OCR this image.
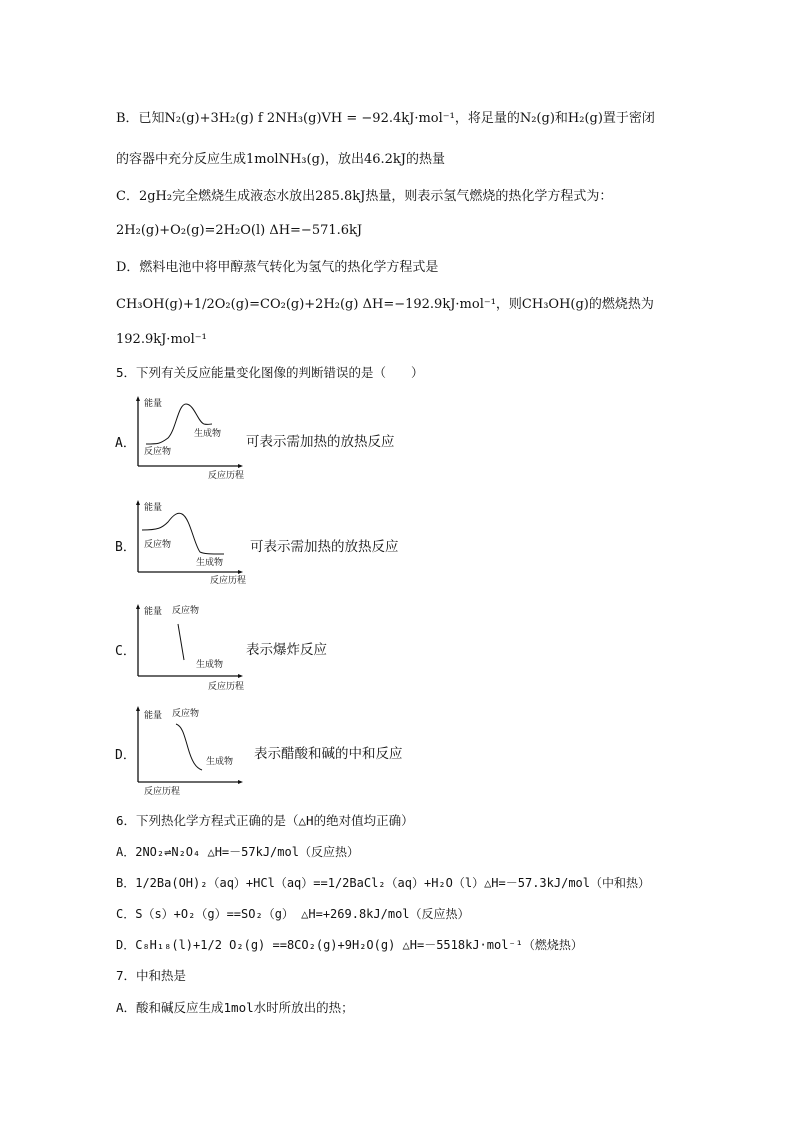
B．已知N₂(g)+3H₂(g) f 2NH₃(g)VH = −92.4kJ·mol⁻¹，将足量的N₂(g)和H₂(g)置于密闭
的容器中充分反应生成1molNH₃(g)，放出46.2kJ的热量
C．2gH₂完全燃烧生成液态水放出285.8kJ热量，则表示氢气燃烧的热化学方程式为：
2H₂(g)+O₂(g)=2H₂O(l) ΔH=−571.6kJ
D．燃料电池中将甲醇蒸气转化为氢气的热化学方程式是
CH₃OH(g)+1/2O₂(g)=CO₂(g)+2H₂(g) ΔH=−192.9kJ·mol⁻¹，则CH₃OH(g)的燃烧热为
192.9kJ·mol⁻¹
5．下列有关反应能量变化图像的判断错误的是（　　）
A．
能量
反应物
生成物
反应历程
可表示需加热的放热反应
B．
能量
反应物
生成物
反应历程
可表示需加热的放热反应
C．
能量 反应物
生成物
反应历程
表示爆炸反应
D．
能量 反应物
生成物
反应历程
表示醋酸和碱的中和反应
6．下列热化学方程式正确的是（△H的绝对值均正确）
A．2NO₂⇌N₂O₄ △H=－57kJ/mol（反应热）
B．1/2Ba(OH)₂（aq）+HCl（aq）==1/2BaCl₂（aq）+H₂O（l）△H=－57.3kJ/mol（中和热）
C．S（s）+O₂（g）==SO₂（g） △H=+269.8kJ/mol（反应热）
D．C₈H₁₈(l)+1/2 O₂(g) ==8CO₂(g)+9H₂O(g) △H=－5518kJ·mol⁻¹（燃烧热）
7．中和热是
A．酸和碱反应生成1mol水时所放出的热；
